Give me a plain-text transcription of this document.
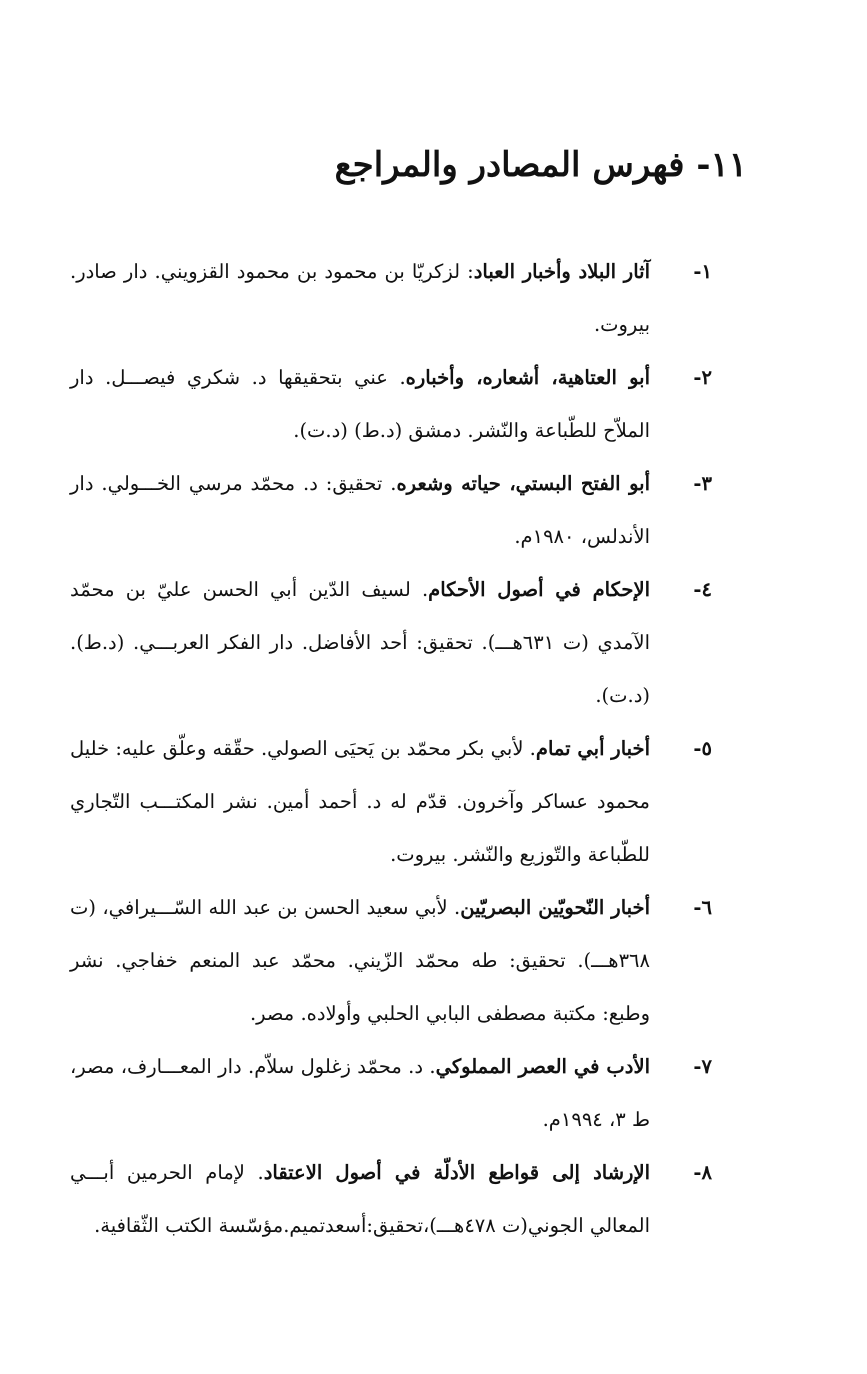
١١- فهرس المصادر والمراجع
١-
آثار البلاد وأخبار العباد: لزكريّا بن محمود بن محمود القزويني. دار صادر. بيروت.
٢-
أبو العتاهية، أشعاره، وأخباره. عني بتحقيقها د. شكري فيصـــل. دار الملاّح للطّباعة والنّشر. دمشق (د.ط) (د.ت).
٣-
أبو الفتح البستي، حياته وشعره. تحقيق: د. محمّد مرسي الخـــولي. دار الأندلس، ١٩٨٠م.
٤-
الإحكام في أصول الأحكام. لسيف الدّين أبي الحسن عليّ بن محمّد الآمدي (ت ٦٣١هـــ). تحقيق: أحد الأفاضل. دار الفكر العربـــي. (د.ط). (د.ت).
٥-
أخبار أبي تمام. لأبي بكر محمّد بن يَحيَى الصولي. حقّقه وعلّق عليه: خليل محمود عساكر وآخرون. قدّم له د. أحمد أمين. نشر المكتـــب التّجاري للطّباعة والتّوزيع والنّشر. بيروت.
٦-
أخبار النّحويّين البصريّين. لأبي سعيد الحسن بن عبد الله السّـــيرافي، (ت ٣٦٨هـــ). تحقيق: طه محمّد الزّيني. محمّد عبد المنعم خفاجي. نشر وطبع: مكتبة مصطفى البابي الحلبي وأولاده. مصر.
٧-
الأدب في العصر المملوكي. د. محمّد زغلول سلاّم. دار المعـــارف، مصر، ط ٣، ١٩٩٤م.
٨-
الإرشاد إلى قواطع الأدلّة في أصول الاعتقاد. لإمام الحرمين أبـــي المعالي الجوني(ت ٤٧٨هـــ)،تحقيق:أسعدتميم.مؤسّسة الكتب الثّقافية.
